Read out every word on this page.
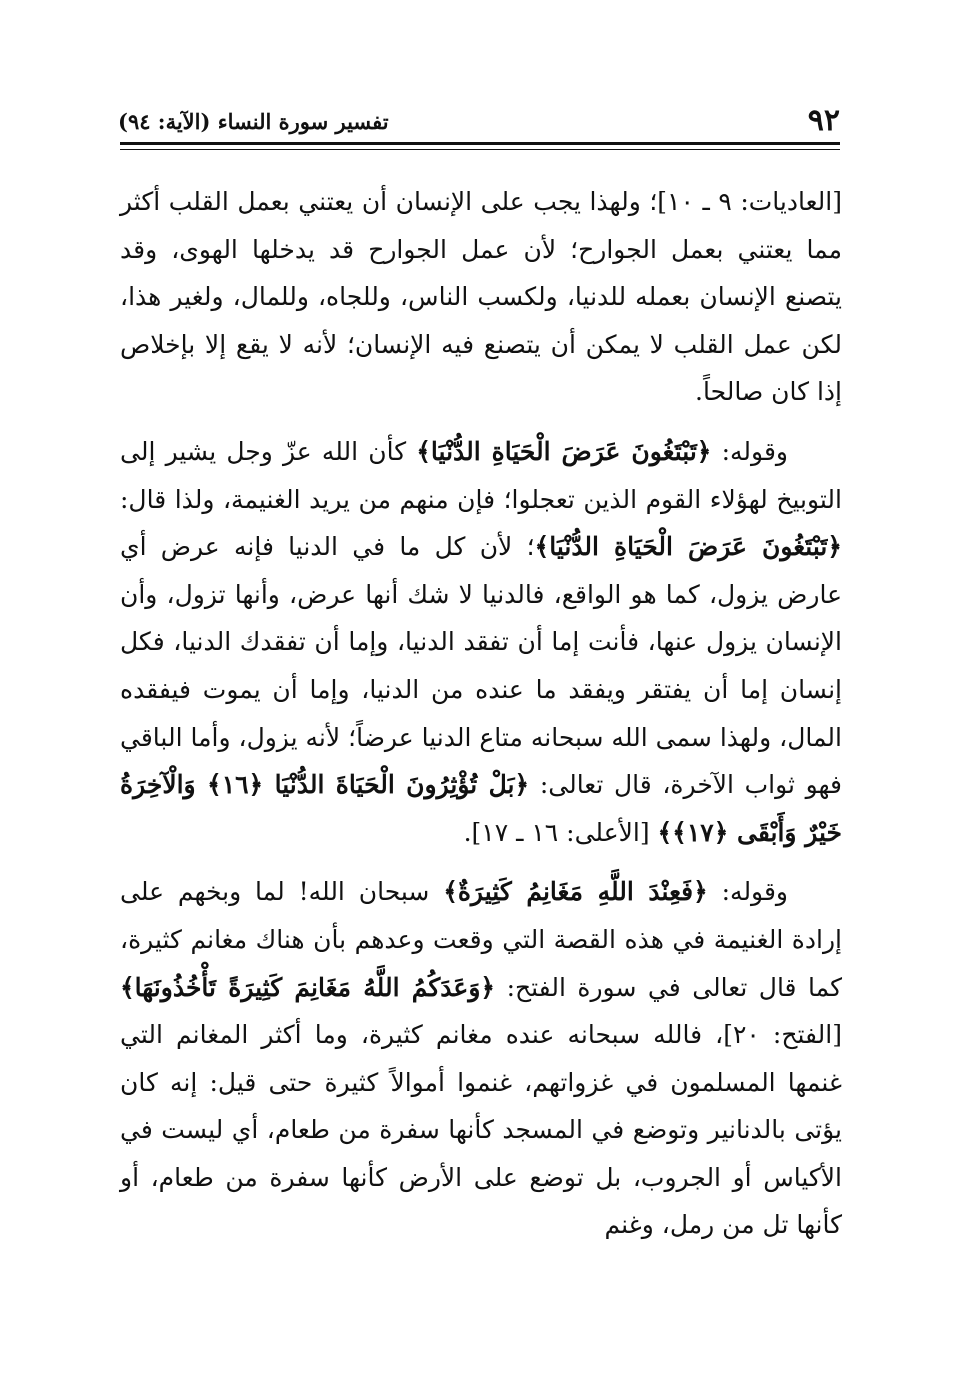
٩٢
تفسير سورة النساء (الآية: ٩٤)

[العاديات: ٩ ـ ١٠]؛ ولهذا يجب على الإنسان أن يعتني بعمل القلب أكثر مما يعتني بعمل الجوارح؛ لأن عمل الجوارح قد يدخلها الهوى، وقد يتصنع الإنسان بعمله للدنيا، ولكسب الناس، وللجاه، وللمال، ولغير هذا، لكن عمل القلب لا يمكن أن يتصنع فيه الإنسان؛ لأنه لا يقع إلا بإخلاص إذا كان صالحاً.

وقوله: ﴿تَبْتَغُونَ عَرَضَ الْحَيَاةِ الدُّنْيَا﴾ كأن الله عزّ وجل يشير إلى التوبيخ لهؤلاء القوم الذين تعجلوا؛ فإن منهم من يريد الغنيمة، ولذا قال: ﴿تَبْتَغُونَ عَرَضَ الْحَيَاةِ الدُّنْيَا﴾؛ لأن كل ما في الدنيا فإنه عرض أي عارض يزول، كما هو الواقع، فالدنيا لا شك أنها عرض، وأنها تزول، وأن الإنسان يزول عنها، فأنت إما أن تفقد الدنيا، وإما أن تفقدك الدنيا، فكل إنسان إما أن يفتقر ويفقد ما عنده من الدنيا، وإما أن يموت فيفقده المال، ولهذا سمى الله سبحانه متاع الدنيا عرضاً؛ لأنه يزول، وأما الباقي فهو ثواب الآخرة، قال تعالى: ﴿بَلْ تُؤْثِرُونَ الْحَيَاةَ الدُّنْيَا ﴿١٦﴾ وَالْآخِرَةُ خَيْرٌ وَأَبْقَى ﴿١٧﴾﴾ [الأعلى: ١٦ ـ ١٧].

وقوله: ﴿فَعِنْدَ اللَّهِ مَغَانِمُ كَثِيرَةٌ﴾ سبحان الله! لما وبخهم على إرادة الغنيمة في هذه القصة التي وقعت وعدهم بأن هناك مغانم كثيرة، كما قال تعالى في سورة الفتح: ﴿وَعَدَكُمُ اللَّهُ مَغَانِمَ كَثِيرَةً تَأْخُذُونَهَا﴾ [الفتح: ٢٠]، فالله سبحانه عنده مغانم كثيرة، وما أكثر المغانم التي غنمها المسلمون في غزواتهم، غنموا أموالاً كثيرة حتى قيل: إنه كان يؤتى بالدنانير وتوضع في المسجد كأنها سفرة من طعام، أي ليست في الأكياس أو الجروب، بل توضع على الأرض كأنها سفرة من طعام، أو كأنها تل من رمل، وغنم
